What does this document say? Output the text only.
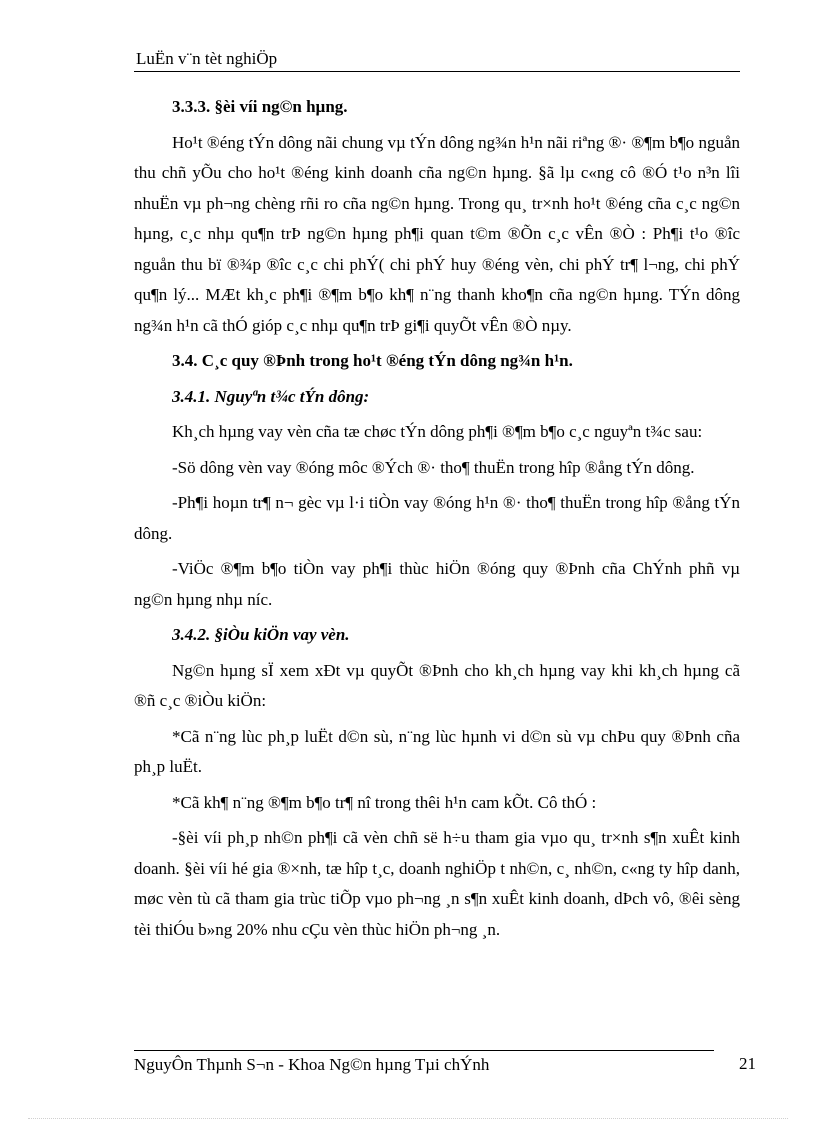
LuËn v¨n tèt nghiÖp
3.3.3. §èi víi ng©n hµng.

Ho¹t ®éng tÝn dông nãi chung vµ tÝn dông ng¾n h¹n nãi riªng ®· ®¶m b¶o nguån thu chñ yÕu cho ho¹t ®éng kinh doanh cña ng©n hµng. §ã lµ c«ng cô ®Ó t¹o n³n lîi nhuËn vµ ph¬ng chèng rñi ro cña ng©n hµng. Trong qu¸ tr×nh ho¹t ®éng cña c¸c ng©n hµng, c¸c nhµ qu¶n trÞ ng©n hµng ph¶i quan t©m ®Õn c¸c vÊn ®Ò : Ph¶i t¹o ®îc nguån thu bï ®¾p ®îc c¸c chi phÝ( chi phÝ huy ®éng vèn, chi phÝ tr¶ l¬ng, chi phÝ qu¶n lý... MÆt kh¸c ph¶i ®¶m b¶o kh¶ n¨ng thanh kho¶n cña ng©n hµng. TÝn dông ng¾n h¹n cã thÓ gióp c¸c nhµ qu¶n trÞ gi¶i quyÕt vÊn ®Ò nµy.

3.4. C¸c quy ®Þnh trong ho¹t ®éng tÝn dông ng¾n h¹n.
3.4.1. Nguyªn t¾c tÝn dông:

Kh¸ch hµng vay vèn cña tæ chøc tÝn dông ph¶i ®¶m b¶o c¸c nguyªn t¾c sau:

-Sö dông vèn vay ®óng môc ®Ých ®· tho¶ thuËn trong hîp ®ång tÝn dông.

-Ph¶i hoµn tr¶ n¬ gèc vµ l·i tiÒn vay ®óng h¹n ®· tho¶ thuËn trong hîp ®ång tÝn dông.

-ViÖc ®¶m b¶o tiÒn vay ph¶i thùc hiÖn ®óng quy ®Þnh cña ChÝnh phñ vµ ng©n hµng nhµ níc.

3.4.2. §iÒu kiÖn vay vèn.

Ng©n hµng sÏ xem xÐt vµ quyÕt ®Þnh cho kh¸ch hµng vay khi kh¸ch hµng cã ®ñ c¸c ®iÒu kiÖn:

*Cã n¨ng lùc ph¸p luËt d©n sù, n¨ng lùc hµnh vi d©n sù vµ chÞu quy ®Þnh cña ph¸p luËt.

*Cã kh¶ n¨ng ®¶m b¶o tr¶ nî trong thêi h¹n cam kÕt. Cô thÓ :

-§èi víi ph¸p nh©n ph¶i cã vèn chñ së h÷u tham gia vµo qu¸ tr×nh s¶n xuÊt kinh doanh. §èi víi hé gia ®×nh, tæ hîp t¸c, doanh nghiÖp t nh©n, c¸ nh©n, c«ng ty hîp danh, møc vèn tù cã tham gia trùc tiÕp vµo ph¬ng ¸n s¶n xuÊt kinh doanh, dÞch vô, ®êi sèng tèi thiÓu b»ng 20% nhu cÇu vèn thùc hiÖn ph¬ng ¸n.

NguyÔn Thµnh S¬n - Khoa Ng©n hµng Tµi chÝnh	21
